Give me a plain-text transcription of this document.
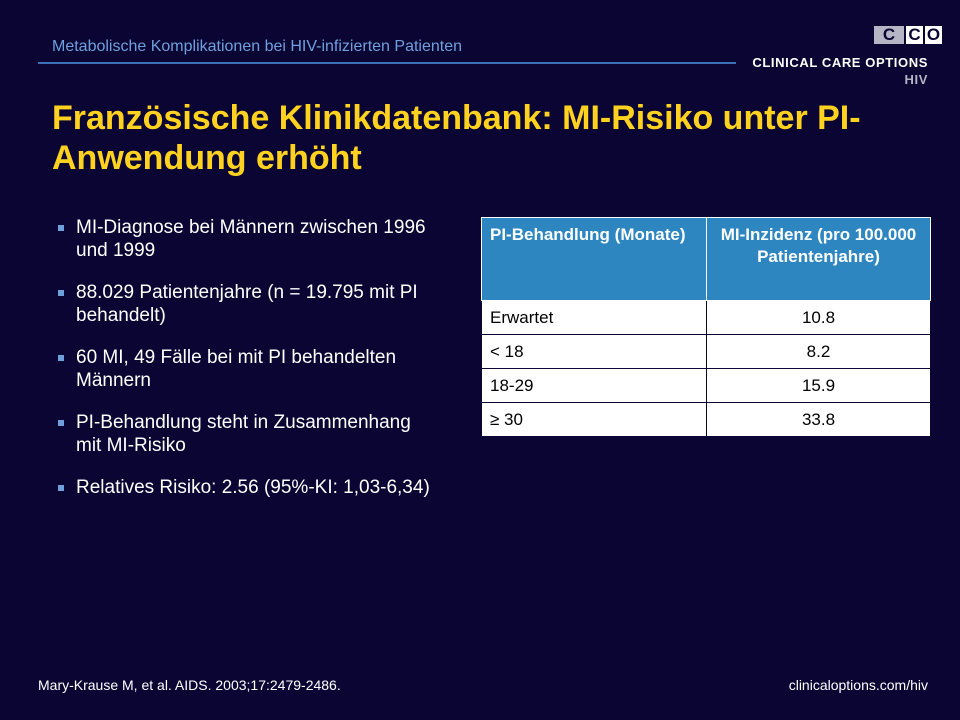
Metabolische Komplikationen bei HIV-infizierten Patienten
C C O
CLINICAL CARE OPTIONS
HIV
Französische Klinikdatenbank: MI-Risiko unter PI-Anwendung erhöht
MI-Diagnose bei Männern zwischen 1996 und 1999
88.029 Patientenjahre (n = 19.795 mit PI behandelt)
60 MI, 49 Fälle bei mit PI behandelten Männern
PI-Behandlung steht in Zusammenhang mit MI-Risiko
Relatives Risiko: 2.56 (95%-KI: 1,03-6,34)
PI-Behandlung (Monate)	MI-Inzidenz (pro 100.000 Patientenjahre)
Erwartet	10.8
< 18	8.2
18-29	15.9
≥ 30	33.8
Mary-Krause M, et al. AIDS. 2003;17:2479-2486.	clinicaloptions.com/hiv
